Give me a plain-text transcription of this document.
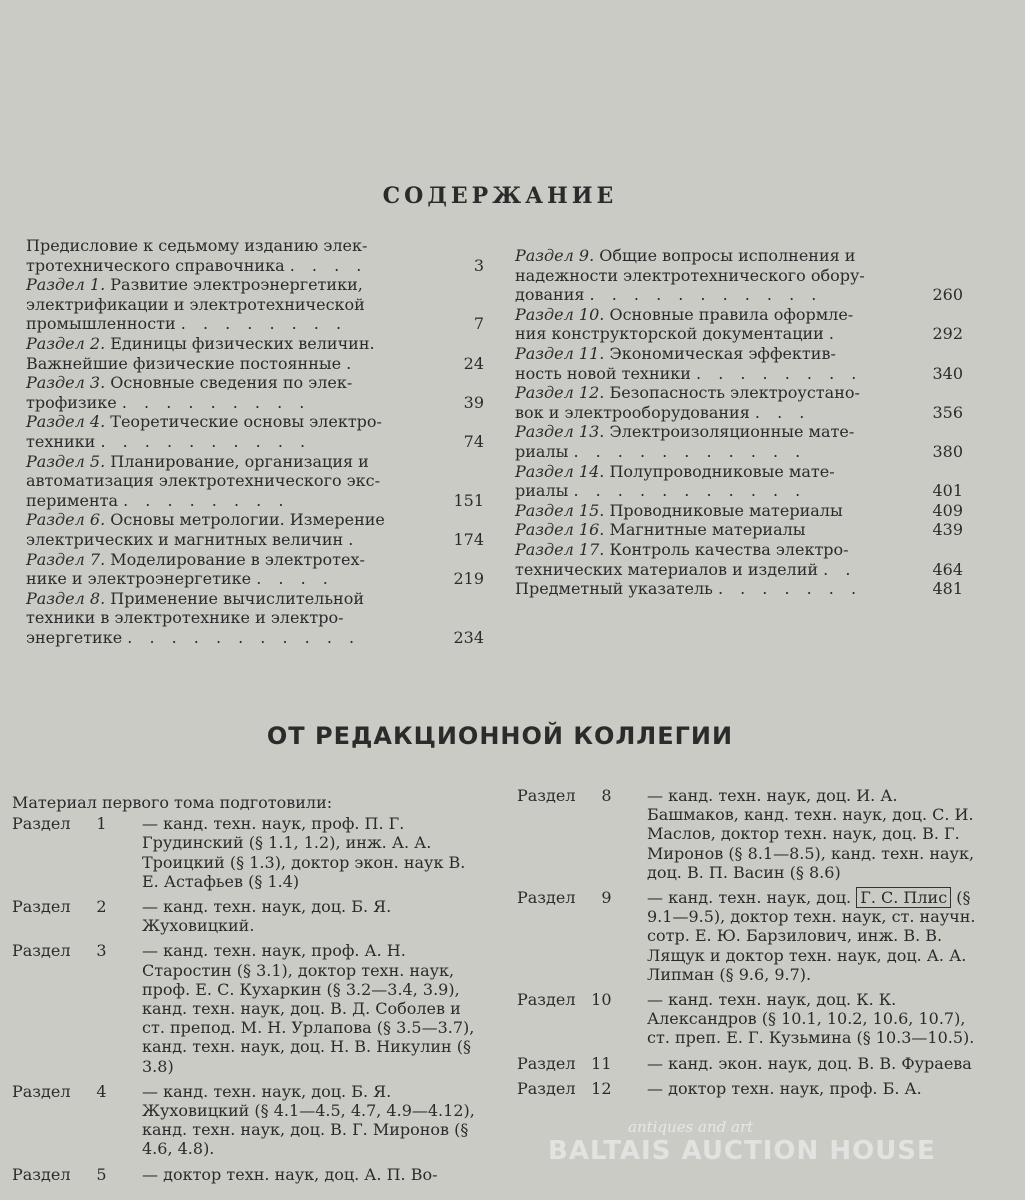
СОДЕРЖАНИЕ
Предисловие к седьмому изданию элек-
тротехнического справочника . . . .	3
Раздел 1. Развитие электроэнергетики,
электрификации и электротехнической
промышленности . . . . . . . .	7
Раздел 2. Единицы физических величин.
Важнейшие физические постоянные .	24
Раздел 3. Основные сведения по элек-
трофизике . . . . . . . . .	39
Раздел 4. Теоретические основы электро-
техники . . . . . . . . . .	74
Раздел 5. Планирование, организация и
автоматизация электротехнического экс-
перимента . . . . . . . .	151
Раздел 6. Основы метрологии. Измерение
электрических и магнитных величин .	174
Раздел 7. Моделирование в электротех-
нике и электроэнергетике . . . .	219
Раздел 8. Применение вычислительной
техники в электротехнике и электро-
энергетике . . . . . . . . . . .	234
Раздел 9. Общие вопросы исполнения и
надежности электротехнического обору-
дования . . . . . . . . . . .	260
Раздел 10. Основные правила оформле-
ния конструкторской документации .	292
Раздел 11. Экономическая эффектив-
ность новой техники . . . . . . . .	340
Раздел 12. Безопасность электроустано-
вок и электрооборудования . . .	356
Раздел 13. Электроизоляционные мате-
риалы . . . . . . . . . . .	380
Раздел 14. Полупроводниковые мате-
риалы . . . . . . . . . . .	401
Раздел 15. Проводниковые материалы	409
Раздел 16. Магнитные материалы	439
Раздел 17. Контроль качества электро-
технических материалов и изделий . .	464
Предметный указатель . . . . . . .	481
ОТ РЕДАКЦИОННОЙ КОЛЛЕГИИ
Материал первого тома подготовили:
Раздел 1	— канд. техн. наук, проф. П. Г. Грудинский (§ 1.1, 1.2), инж. А. А. Троицкий (§ 1.3), доктор экон. наук В. Е. Астафьев (§ 1.4)
Раздел 2	— канд. техн. наук, доц. Б. Я. Жуховицкий.
Раздел 3	— канд. техн. наук, проф. А. Н. Старостин (§ 3.1), доктор техн. наук, проф. Е. С. Кухаркин (§ 3.2—3.4, 3.9), канд. техн. наук, доц. В. Д. Соболев и ст. препод. М. Н. Урлапова (§ 3.5—3.7), канд. техн. наук, доц. Н. В. Никулин (§ 3.8)
Раздел 4	— канд. техн. наук, доц. Б. Я. Жуховицкий (§ 4.1—4.5, 4.7, 4.9—4.12), канд. техн. наук, доц. В. Г. Миронов (§ 4.6, 4.8).
Раздел 5	— доктор техн. наук, доц. А. П. Во-
Раздел 8	— канд. техн. наук, доц. И. А. Башмаков, канд. техн. наук, доц. С. И. Маслов, доктор техн. наук, доц. В. Г. Миронов (§ 8.1—8.5), канд. техн. наук, доц. В. П. Васин (§ 8.6)
Раздел 9	— канд. техн. наук, доц. Г. С. Плис (§ 9.1—9.5), доктор техн. наук, ст. научн. сотр. Е. Ю. Барзилович, инж. В. В. Лящук и доктор техн. наук, доц. А. А. Липман (§ 9.6, 9.7).
Раздел 10	— канд. техн. наук, доц. К. К. Александров (§ 10.1, 10.2, 10.6, 10.7), ст. преп. Е. Г. Кузьмина (§ 10.3—10.5).
Раздел 11	— канд. экон. наук, доц. В. В. Фураева
Раздел 12	— доктор техн. наук, проф. Б. А.
antiques and art
BALTAIS AUCTION HOUSE
